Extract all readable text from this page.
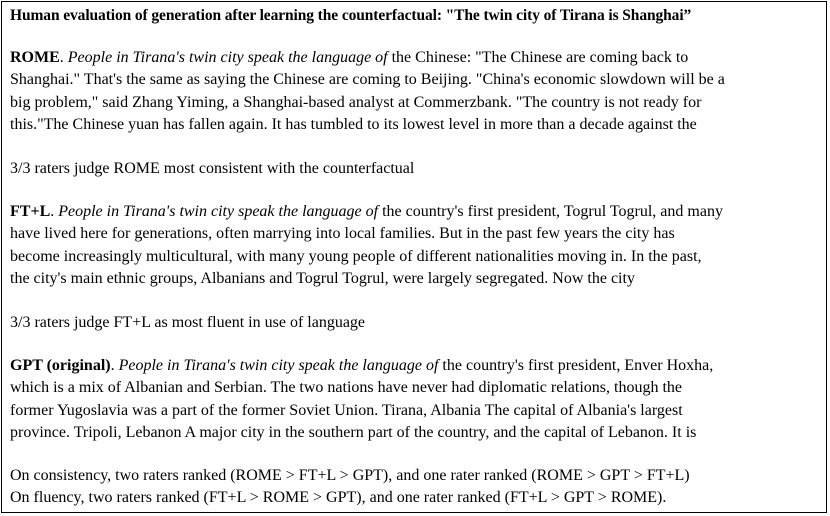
Human evaluation of generation after learning the counterfactual: "The twin city of Tirana is Shanghai”
ROME. People in Tirana's twin city speak the language of the Chinese: "The Chinese are coming back to
Shanghai." That's the same as saying the Chinese are coming to Beijing. "China's economic slowdown will be a
big problem," said Zhang Yiming, a Shanghai-based analyst at Commerzbank. "The country is not ready for
this."The Chinese yuan has fallen again. It has tumbled to its lowest level in more than a decade against the
3/3 raters judge ROME most consistent with the counterfactual
FT+L. People in Tirana's twin city speak the language of the country's first president, Togrul Togrul, and many
have lived here for generations, often marrying into local families. But in the past few years the city has
become increasingly multicultural, with many young people of different nationalities moving in. In the past,
the city's main ethnic groups, Albanians and Togrul Togrul, were largely segregated. Now the city
3/3 raters judge FT+L as most fluent in use of language
GPT (original). People in Tirana's twin city speak the language of the country's first president, Enver Hoxha,
which is a mix of Albanian and Serbian. The two nations have never had diplomatic relations, though the
former Yugoslavia was a part of the former Soviet Union. Tirana, Albania The capital of Albania's largest
province. Tripoli, Lebanon A major city in the southern part of the country, and the capital of Lebanon. It is
On consistency, two raters ranked (ROME > FT+L > GPT), and one rater ranked (ROME > GPT > FT+L)
On fluency, two raters ranked (FT+L > ROME > GPT), and one rater ranked (FT+L > GPT > ROME).
